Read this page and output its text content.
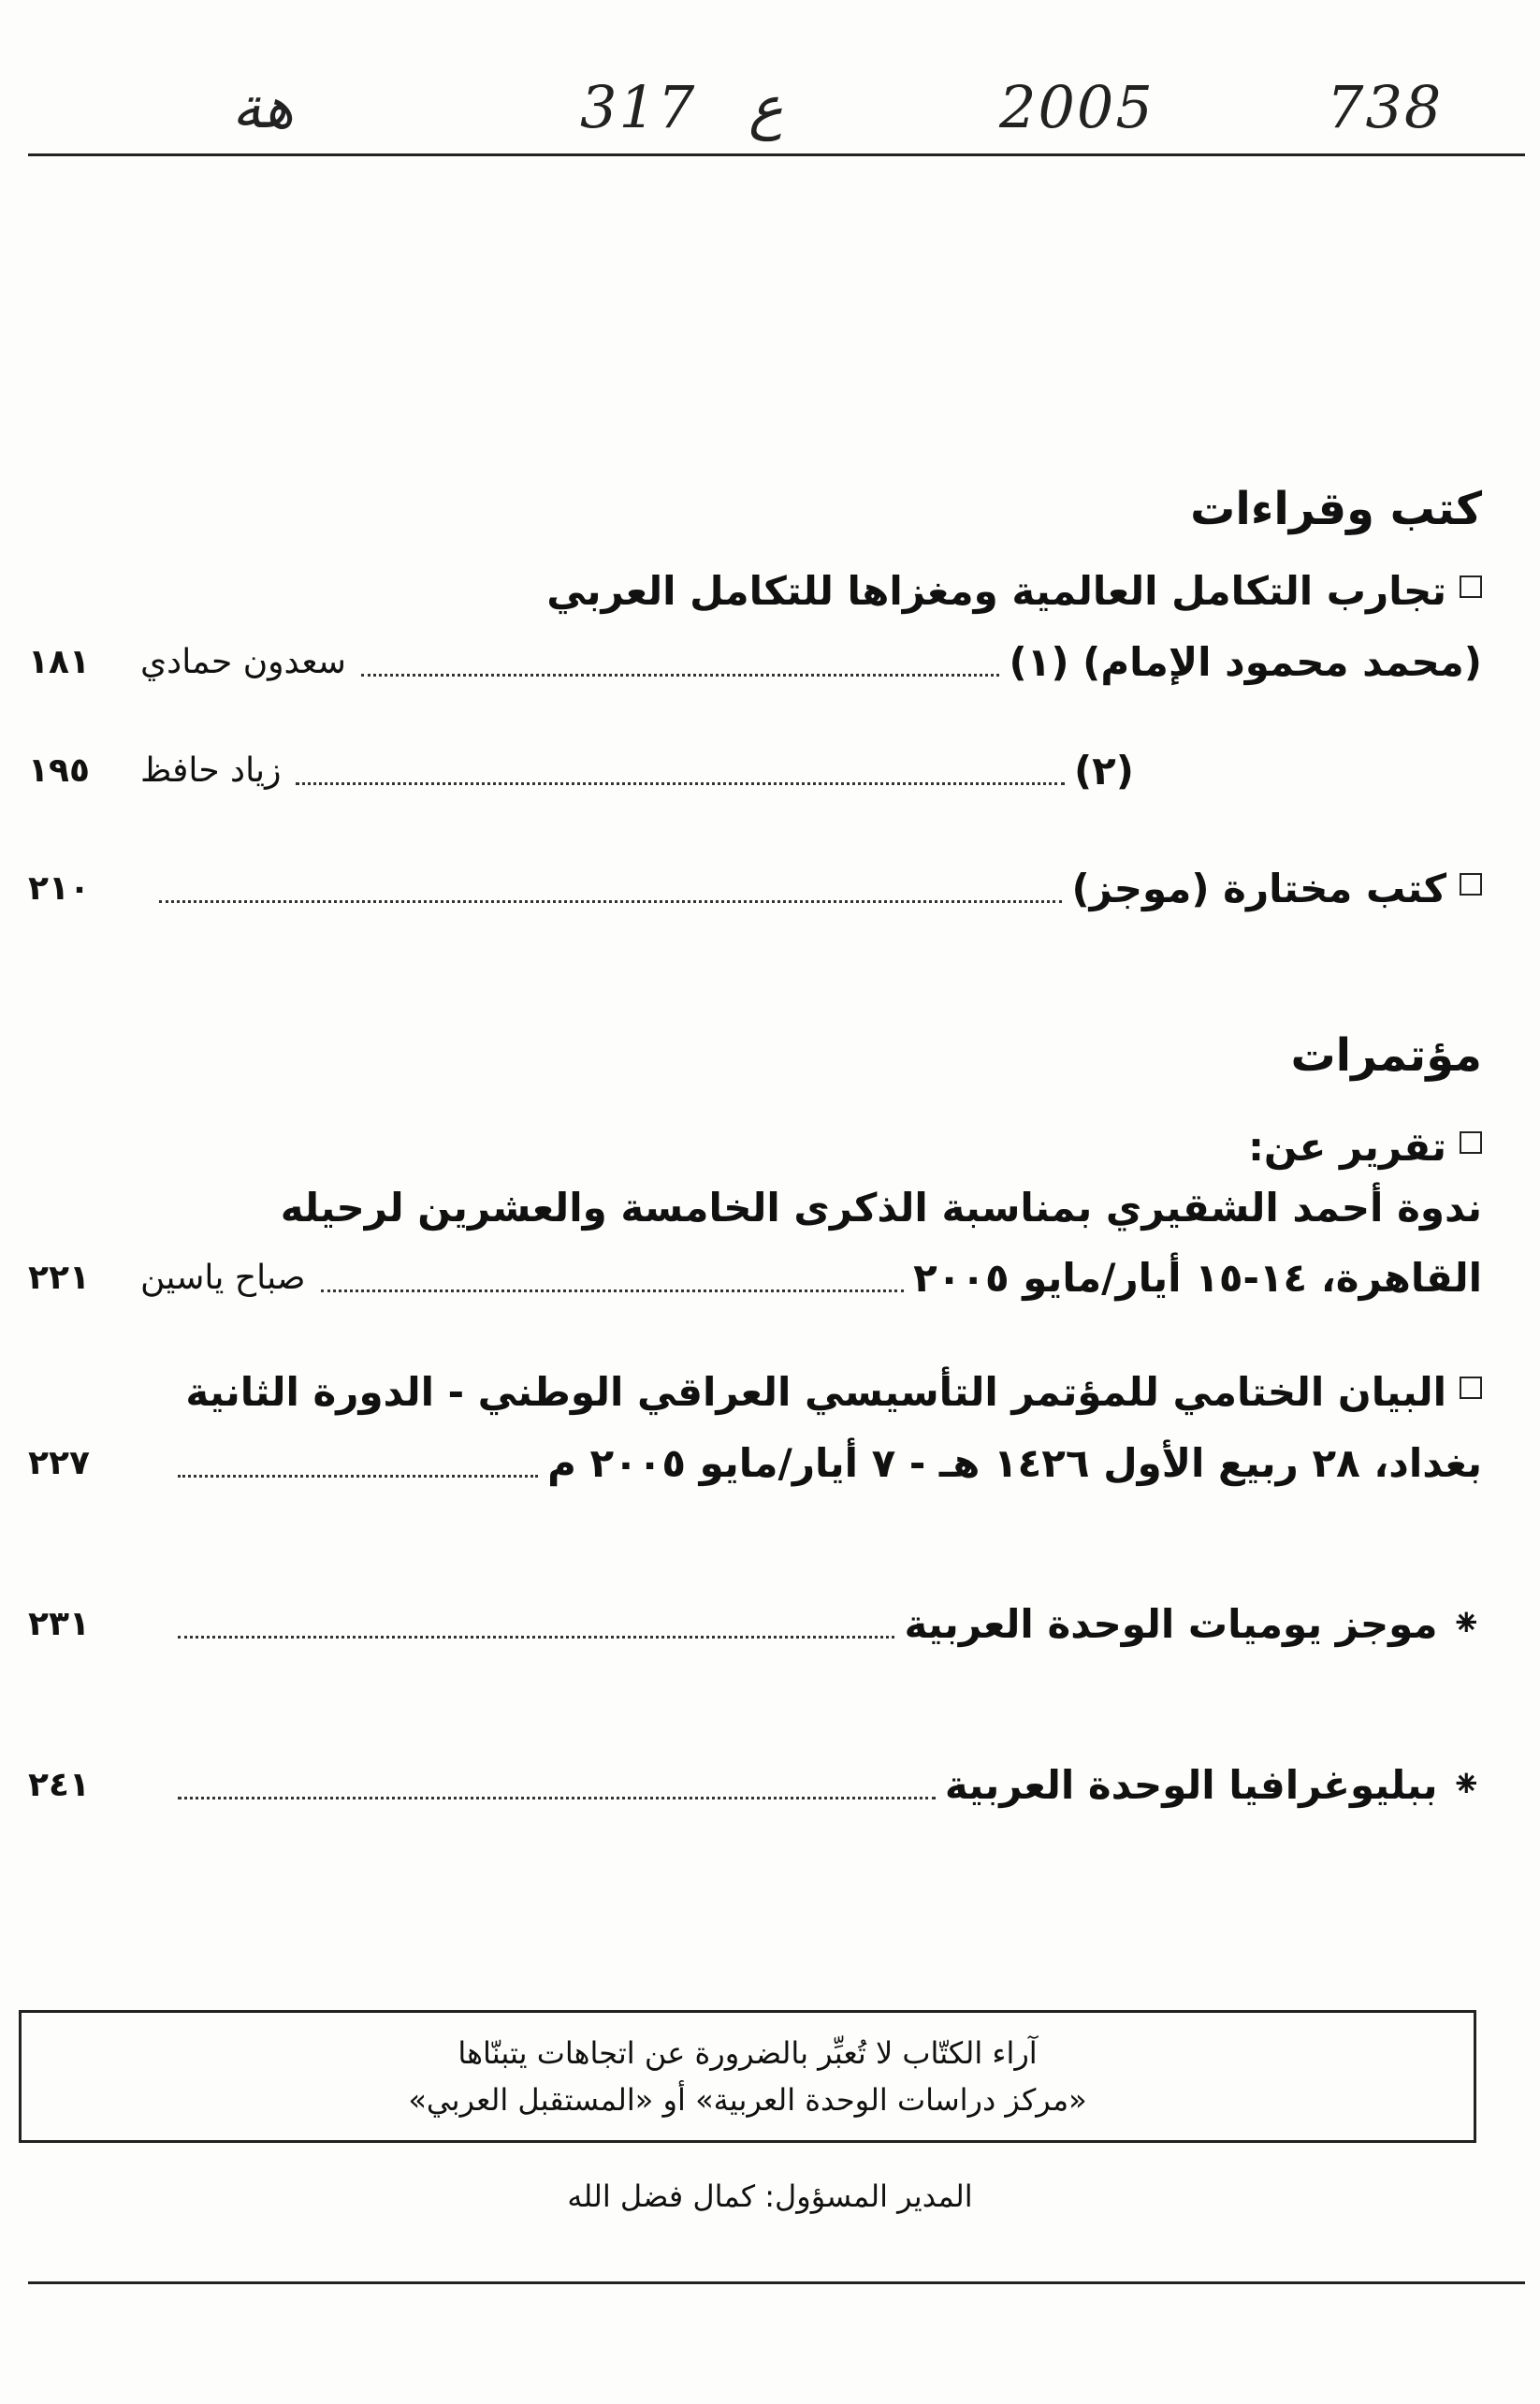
738
2005
ع
317
ﻫﺔ
كتب وقراءات
تجارب التكامل العالمية ومغزاها للتكامل العربي
(محمد محمود الإمام) (١)
سعدون حمادي
١٨١
(٢)
زياد حافظ
١٩٥
كتب مختارة (موجز)
٢١٠
مؤتمرات
تقرير عن:
ندوة أحمد الشقيري بمناسبة الذكرى الخامسة والعشرين لرحيله
القاهرة، ١٤-١٥ أيار/مايو ٢٠٠٥
صباح ياسين
٢٢١
البيان الختامي للمؤتمر التأسيسي العراقي الوطني - الدورة الثانية
بغداد، ٢٨ ربيع الأول ١٤٢٦ هـ - ٧ أيار/مايو ٢٠٠٥ م
٢٢٧
⁕
موجز يوميات الوحدة العربية
٢٣١
⁕
ببليوغرافيا الوحدة العربية
٢٤١
آراء الكتّاب لا تُعبِّر بالضرورة عن اتجاهات يتبنّاها
«مركز دراسات الوحدة العربية» أو «المستقبل العربي»
المدير المسؤول: كمال فضل الله
